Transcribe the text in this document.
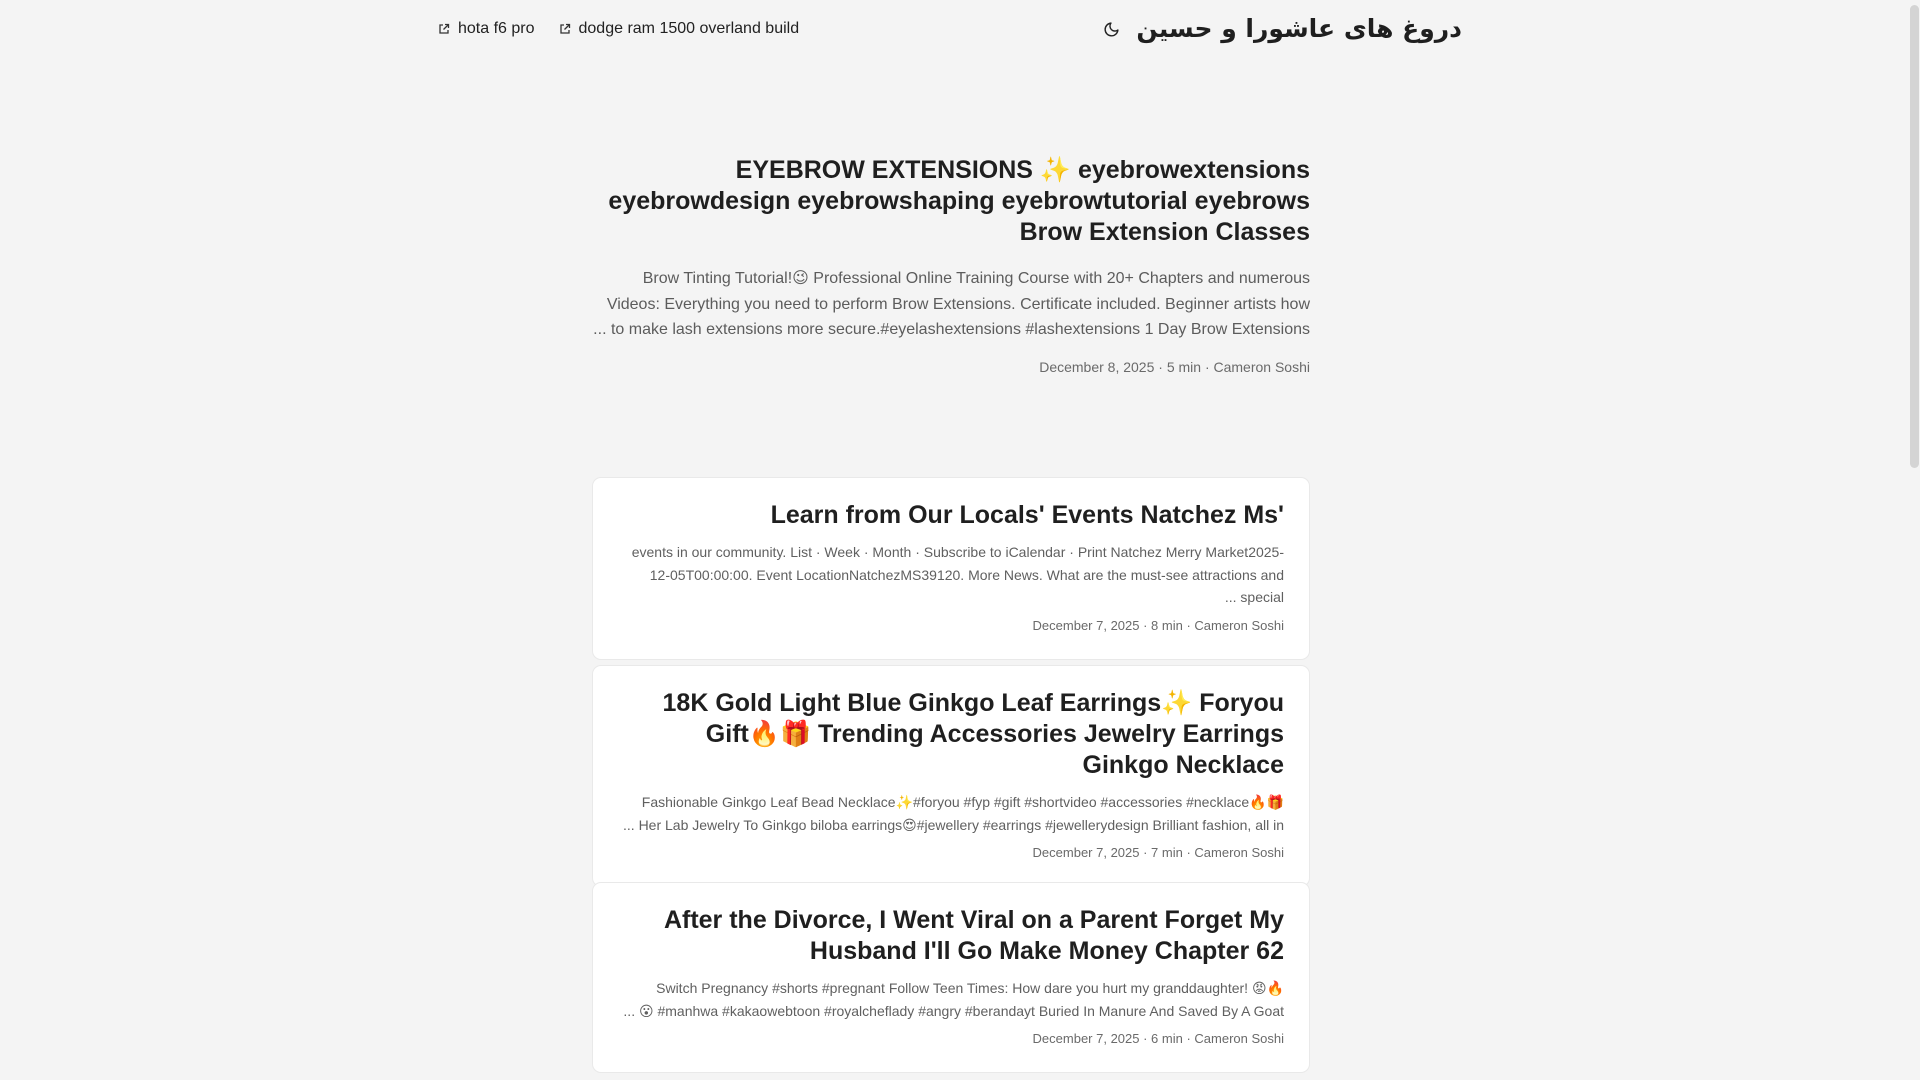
hota f6 pro	dodge ram 1500 overland build	دروغ های عاشورا و حسین
EYEBROW EXTENSIONS ✨ eyebrowextensions eyebrowdesign eyebrowshaping eyebrowtutorial eyebrows Brow Extension Classes

Brow Tinting Tutorial!😉 Professional Online Training Course with 20+ Chapters and numerous Videos: Everything you need to perform Brow Extensions. Certificate included. Beginner artists how to make lash extensions more secure.#eyelashextensions #lashextensions 1 Day Brow Extensions ...

December 8, 2025 · 5 min · Cameron Soshi
Learn from Our Locals' Events Natchez Ms'

events in our community. List · Week · Month · Subscribe to iCalendar · Print Natchez Merry Market2025-12-05T00:00:00. Event LocationNatchezMS39120. More News. What are the must-see attractions and special ...

December 7, 2025 · 8 min · Cameron Soshi
18K Gold Light Blue Ginkgo Leaf Earrings✨ Foryou Gift🔥🎁 Trending Accessories Jewelry Earrings Ginkgo Necklace

Fashionable Ginkgo Leaf Bead Necklace✨#foryou #fyp #gift #shortvideo #accessories #necklace🔥🎁 Her Lab Jewelry To Ginkgo biloba earrings😍#jewellery #earrings #jewellerydesign Brilliant fashion, all in ...

December 7, 2025 · 7 min · Cameron Soshi
After the Divorce, I Went Viral on a Parent Forget My Husband I'll Go Make Money Chapter 62

Switch Pregnancy #shorts #pregnant Follow Teen Times: How dare you hurt my granddaughter! 😡🔥 #manhwa #kakaowebtoon #royalcheflady #angry #berandayt Buried In Manure And Saved By A Goat 😮 ...

December 7, 2025 · 6 min · Cameron Soshi
